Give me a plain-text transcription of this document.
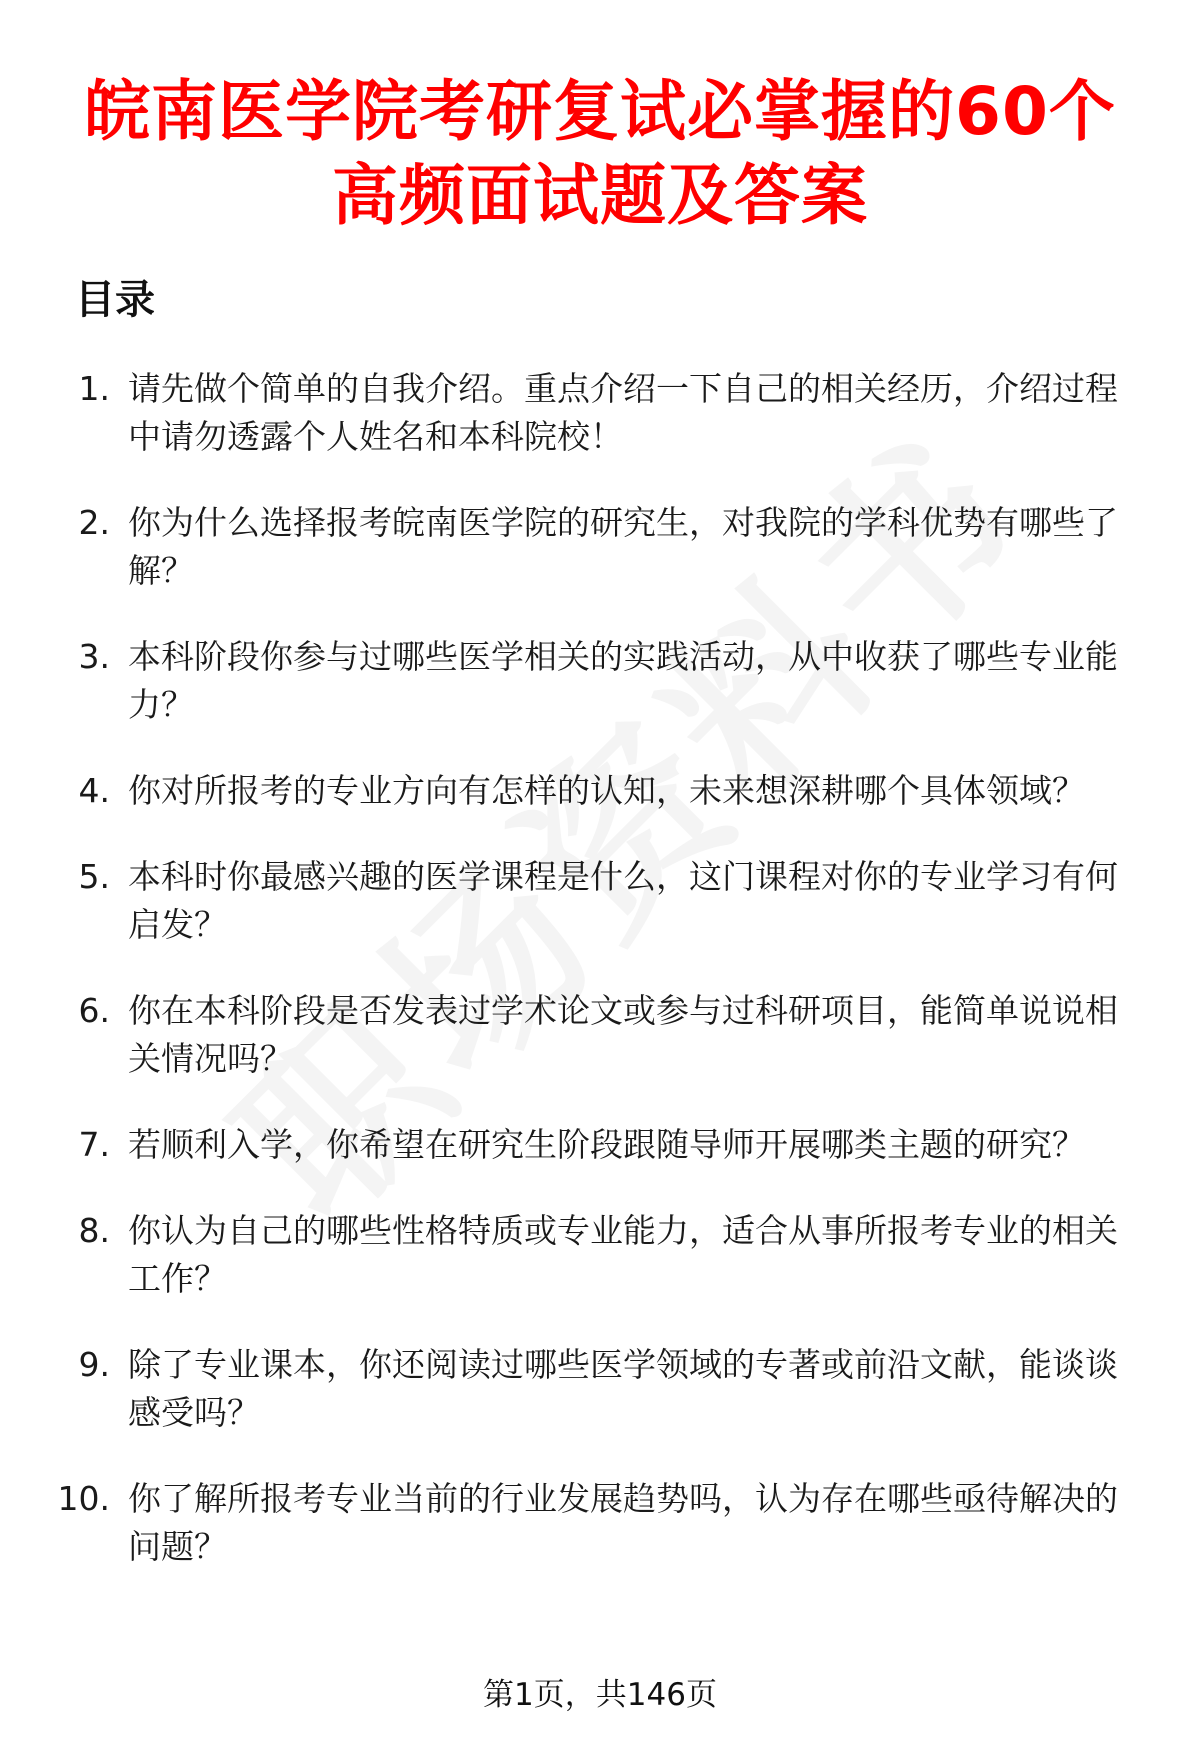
皖南医学院考研复试必掌握的60个
高频面试题及答案
目录
1. 请先做个简单的自我介绍。重点介绍一下自己的相关经历，介绍过程中请勿透露个人姓名和本科院校！
2. 你为什么选择报考皖南医学院的研究生，对我院的学科优势有哪些了解？
3. 本科阶段你参与过哪些医学相关的实践活动，从中收获了哪些专业能力？
4. 你对所报考的专业方向有怎样的认知，未来想深耕哪个具体领域？
5. 本科时你最感兴趣的医学课程是什么，这门课程对你的专业学习有何启发？
6. 你在本科阶段是否发表过学术论文或参与过科研项目，能简单说说相关情况吗？
7. 若顺利入学，你希望在研究生阶段跟随导师开展哪类主题的研究？
8. 你认为自己的哪些性格特质或专业能力，适合从事所报考专业的相关工作？
9. 除了专业课本，你还阅读过哪些医学领域的专著或前沿文献，能谈谈感受吗？
10. 你了解所报考专业当前的行业发展趋势吗，认为存在哪些亟待解决的问题？
第1页，共146页
